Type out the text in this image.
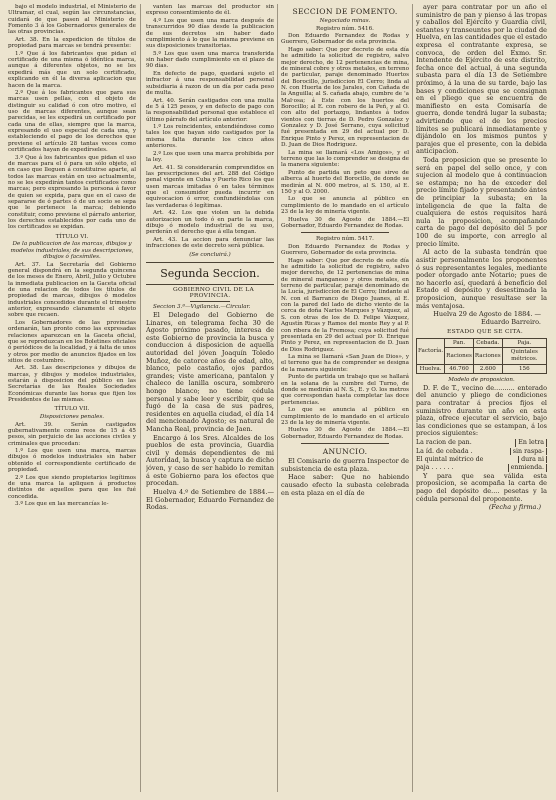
bajo el modelo industrial, el Ministerio de Ultramar, el cual, según las circunstancias, cuidará de que pasen al Ministerio de Fomento 3 á los Gobernadores generales de las otras provincias.

Art. 38. En la expedicion de títulos de propiedad para marcas se tendrá presente:

1.º Que á los fabricantes que pidan el certificado de una misma ó idéntica marca, aunque á diferentes objetos, no se les expedirá más que un solo certificado, explicando en él la diversa aplicacion que hacen de la marca.

2.º Que á los fabricantes que para sus marcas usen pellas, con el objeto de distinguir su calidad ó con otro motivo, el uso de marcas diferentes, aunque sean parecidas, se les expedirá un certificado por cada una de ellas, siempre que la marca, expresando el uso especial de cada una, y estableciendo el pago de los derechos que previene el artículo 28 tantas veces como certificados hayan de expedírseles.

3.º Que á los fabricantes que pidan el uso de marcas para el ó para un sólo objeto, el en caso que lleguen á constituirse aparte, al todos las marcas están en uso actualmente, no se les expedirán tantos certificados como marcas; pero expresando la persona á favor de quien se expida, para que en el caso de separarse de ó partes ó de un socio se sepa que le pertenece la marca; debiendo constituir, como previene el párrafo anterior, los derechos establecidos por cada uno de los certificados se expidan.

TÍTULO VI.

De la publicacion de las marcas, dibujos y modelos industriales; de sus descripciones, dibujos ó facsímiles.

Art. 37. La Secretaría del Gobierno general dispondrá en la segunda quincena de los meses de Enero, Abril, Julio y Octubre la inmediata publicacion en la Gaceta oficial de una relacion de todos los títulos de propiedad de marcas, dibujos ó modelos industriales concedidos durante el trimestre anterior, expresando claramente el objeto sobre que recaen.

Los Gobernadores de las provincias ordenarán, tan pronto como las expresadas relaciones aparezcan en la Gaceta oficial, que se reproduzcan en los Boletines oficiales ó periódicos de la localidad, y á falta de unos y otros por medio de anuncios fijados en los sitios de costumbre.

Art. 38. Las descripciones y dibujos de marcas, y dibujos y modelos industriales, estarán á disposicion del público en las Secretarías de las Reales Sociedades Económicas durante las horas que fijen los Presidentes de las mismas.

TÍTULO VII.

Disposiciones penales.

Art. 39. Serán castigados gubernativamente como reos de 15 á 45 pesos, sin perjuicio de las acciones civiles y criminales que procedan:

1.º Los que usen una marca, marcas dibujos ó modelos industriales sin haber obtenido el correspondiente certificado de propiedad.

2.º Los que siendo propietarios legítimos de una marca la apliquen á productos distintos de aquellos para que les fué concedida.

3.º Los que en las mercancías le-

vanten las marcas del productor sin expreso consentimiento de él.

4.º Los que usen una marca después de transcurridos 90 días desde la publicacion de sus decretos sin haber dado cumplimiento á lo que la misma previene en sus disposiciones transitorias.

5.º Los que usen una marca transferida sin haber dado cumplimiento en el plazo de 90 días.

En defecto de pago, quedará sujeto el infractor á una responsabilidad personal subsidiaria á razon de un día por cada peso de multa.

Art. 40. Serán castigados con una multa de 5 á 125 pesos, y en defecto de pago con la responsabilidad personal que establece el último párrafo del artículo anterior:

1.º Los reincidentes, entendiéndose como tales los que hayan sido castigados por la misma falta durante los cinco años anteriores.

2.º Los que usen una marca prohibida por la ley.

Art. 41. Si considerarán comprendidos en las prescripciones del art. 288 del Código penal vigente en Cuba y Puerto Rico los que usen marcas imitadas ó en tales términos que el consumidor pueda incurrir en equivocacion ó error, confundiéndolas con las verdaderas ó legítimas.

Art. 42. Los que violen un la debida autorizacion un todo ó en parte la marca, dibujo ó modelo industrial de su uso, perderán el derecho que á ella tengan.

Art. 43. La accion para denunciar las infracciones de este decreto será pública.

(Se concluirá.)

Segunda Seccion.

GOBIERNO CIVIL DE LA PROVINCIA.

Seccion 3.ª—Vigilancia.—Circular.

El Delegado del Gobierno de Linares, en telegrama fecha 30 de Agosto próximo pasado, interesa de este Gobierno de provincia la busca y conduccion á disposicion de aquella autoridad del jóven Joaquín Toledo Muñoz, de catorce años de edad, alto, blanco, pelo castaño, ojos pardos grandes; viste americana, pantalon y chaleco de lanilla oscura, sombrero hongo blanco; no tiene cédula personal y sabe leer y escribir, que se fugó de la casa de sus padres, residentes en aquella ciudad, el día 14 del mencionado Agosto; es natural de Mancha Real, provincia de Jaen.

Encargo á los Sres. Alcaldes de los pueblos de esta provincia, Guardia civil y demás dependientes de mi Autoridad, la busca y captura de dicho jóven, y caso de ser habido lo remitan á este Gobierno para los efectos que procedan.

Huelva 4.º de Setiembre de 1884.—El Gobernador, Eduardo Fernandez de Rodas.

SECCION DE FOMENTO.

Negociado minas.

Registro núm. 5416.

Don Eduardo Fernandez de Rodas y Guerrero, Gobernador de esta provincia.

Hago saber: Que por decreto de esta día he admitido la solicitud de registro, salvo mejor derecho, de 12 pertenencias de mina, de mineral cobre y otros metales, en terreno de particular, paraje denominado Huertos del Borocillo, jurisdiccion El Cerro; linda al N. con Huerta de los Jarales, con Cañada de la Anguilla; al S. cañada abajo, cumbre de 'a Mal·osa; á Este con los huertos del Borocillo; al E. con robero de la Peñ, y al O. con alto del portazgo, lindantes á todos vientos con tierras de D. Pedro Gonzalez y Gonzalez y D. José Serrano, cuya solicitud fué presentada en 29 del actual por D. Enrique Pinto y Perez, en representacion de D. Juan de Dios Rodriguez.

La mina se llamará «Los Amigos», y el terreno que las lo comprender se designa de la manera siguiente:

Punto de partida un peto que sirve de alberca al huerto del Borocillo, de donde se medirán al N. 600 metros, al S. 150, al E. 150 y al O. 2000.

Lo que se anuncia al público en cumplimiento de lo mandado en el artículo 23 de la ley de minería vigente.

Huelva 30 de Agosto de 1884.—El Gobernador, Eduardo Fernandez de Rodas.

Registro núm. 5417.

Don Eduardo Fernandez de Rodas y Guerrero, Gobernador de esta provincia.

Hago saber: Que por decreto de este día he admitido la solicitud de registro, salvo mejor derecho, de 12 pertenencias de mina de mineral manganeso y otros metales, en terreno de particular, paraje denominado de la Lucía, jurisdiccion de El Cerro; lindante al N. con el Barranco de Diego Juanes, al E. con la pared del lado de dicho viento de la cerca de doña Nariss Marques y Vázquez, al S. con otras de los de D. Felipe Vázquez, Agustín Ricas y Ramos del monte Rey y al P. con ribera de la Fremosa; cuya solicitud fué presentada en 29 del actual por D. Enrique Pinto y Perez, en representacion de D. Juan de Dios Rodriguez.

La mina se llamará «San Juan de Dios», y el terreno que ha de comprender se designa de la manera siguiente:

Punto de partida un trabajo que se hallará en la solana de la cumbre del Turno, de donde se medirán al N. S., E. y O. los metros que correspondan hasta completar las doce pertenencias.

Lo que se anuncia al público en cumplimiento de lo mandado en el artículo 23 de la ley de minería vigente.

Huelva 30 de Agosto de 1884.—El Gobernador, Eduardo Fernandez de Rodas.

ANUNCIO.

El Comisario de guerra Inspector de subsistencia de esta plaza.

Hace saber: Que no habiendo causado efecto la subasta celebrada en esta plaza en el día de

ayer para contratar por un año el suministro de pan y pienso á las tropas y caballos del Ejército y Guardia civil, estantes y transeuntes por la ciudad de Huelva, en las cantidades que el estado expresa el contratante expresa, se convoca, de orden del Exmo. Sr. Intendente de Ejército de este distrito, fecha once del actual, á una segunda subasta para el día 13 de Setiembre próximo, á la una de su tarde, bajo las bases y condiciones que se consignan en el pliego que se encuentra de manifiesto en esta Comisaría de guerra, donde tendrá lugar la subasta; advirtiendo que el de los precios límites se publicará inmediatamente y dijándolo en los mismos puntos y parajes que el presente, con la debida anticipacion.

Toda proposicion que se presente lo será en papel del sello once, y con sujecion al modelo que á continuacion se estampa; no ha de exceder del precio límite fijado y presentando ántes de principiar la subasta; en la inteligencia de que la falta de cualquiera de estos requisitos hará nula la proposicion, acompañando carta de pago del depósito del 5 por 100 de su importe, con arreglo al precio límite.

Al acto de la subasta tendrán que asistir personalmente los proponentes ó sus representantes legales, mediante poder otorgado ante Notario; pues de no hacerlo así, quedará á beneficio del Estado el depósito y desestimada la proposicion, aunque resultase ser la más ventajosa.

Huelva 29 de Agosto de 1884. —Eduardo Barreiro.

ESTADO QUE SE CITA.

Factoría.	Pan.	Cebada.	Paja.
	Raciones	Raciones	Quintales métricos.
Huelva.	46.760	2.600	156

Modelo de proposicion.

D. F. de T., vecino de.......... enterado del anuncio y pliego de condiciones para contratar á precios fijos el suministro durante un año en esta plaza, ofrece ejecutar el servicio, bajo las condiciones que se estampan, á los precios siguientes:

La racion de pan.	En letra
La íd. de cebada .	sin raspa-
El quintal métrico de	dura ni
paja . . . . . .	enmienda.

Y para que sea válida esta proposicion, se acompaña la carta de pago del depósito de.... pesetas y la cédula personal del proponente.

(Fecha y firma.)
